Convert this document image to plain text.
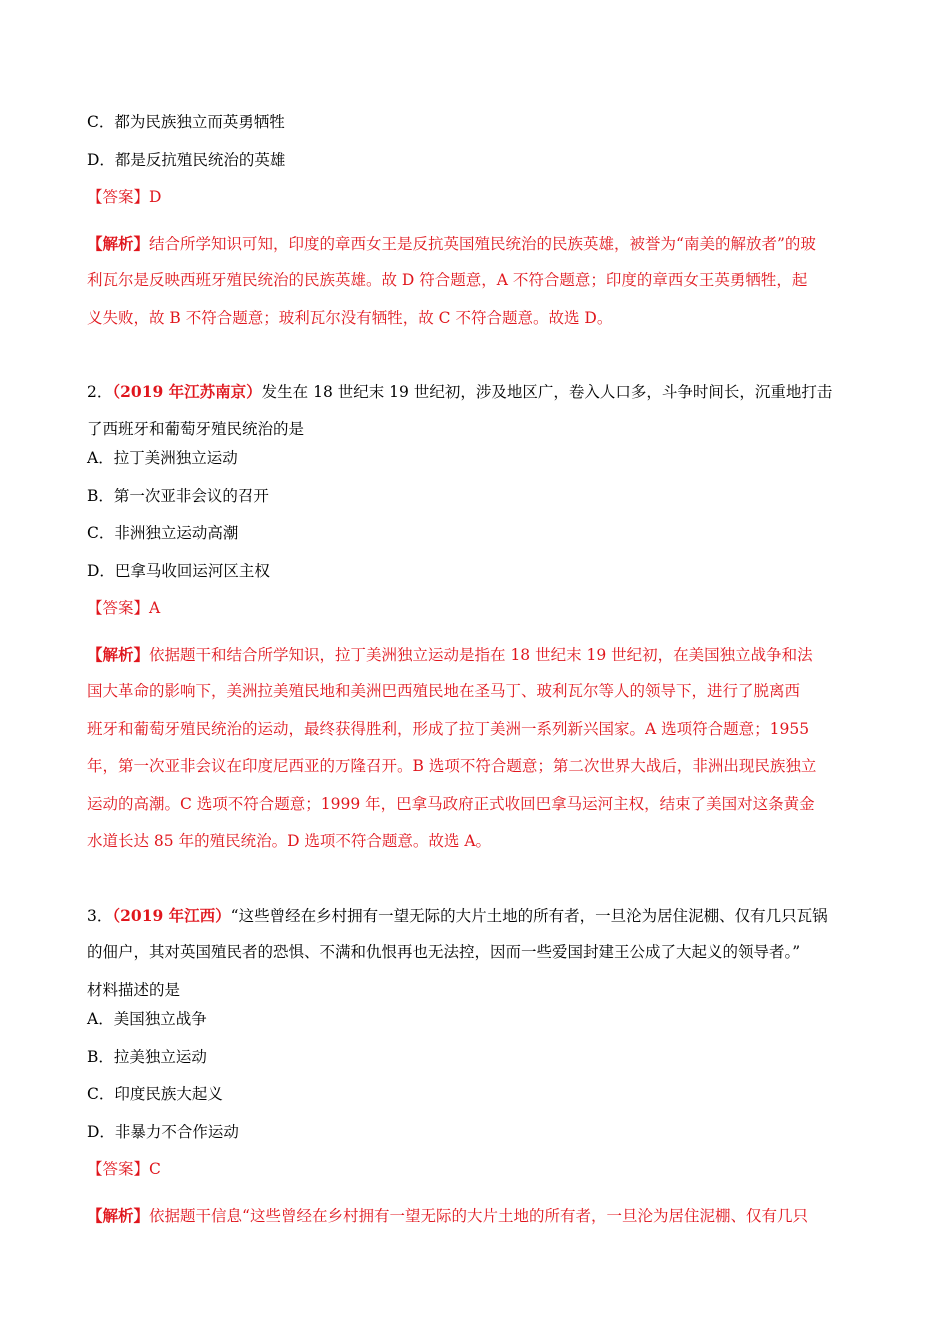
C．都为民族独立而英勇牺牲

D．都是反抗殖民统治的英雄

【答案】D

【解析】结合所学知识可知，印度的章西女王是反抗英国殖民统治的民族英雄，被誉为“南美的解放者”的玻
利瓦尔是反映西班牙殖民统治的民族英雄。故 D 符合题意，A 不符合题意；印度的章西女王英勇牺牲，起
义失败，故 B 不符合题意；玻利瓦尔没有牺牲，故 C 不符合题意。故选 D。
2．（2019 年江苏南京）发生在 18 世纪末 19 世纪初，涉及地区广，卷入人口多，斗争时间长，沉重地打击
了西班牙和葡萄牙殖民统治的是

A．拉丁美洲独立运动

B．第一次亚非会议的召开

C．非洲独立运动高潮

D．巴拿马收回运河区主权

【答案】A

【解析】依据题干和结合所学知识，拉丁美洲独立运动是指在 18 世纪末 19 世纪初，在美国独立战争和法
国大革命的影响下，美洲拉美殖民地和美洲巴西殖民地在圣马丁、玻利瓦尔等人的领导下，进行了脱离西
班牙和葡萄牙殖民统治的运动，最终获得胜利，形成了拉丁美洲一系列新兴国家。A 选项符合题意；1955
年，第一次亚非会议在印度尼西亚的万隆召开。B 选项不符合题意；第二次世界大战后，非洲出现民族独立
运动的高潮。C 选项不符合题意；1999 年，巴拿马政府正式收回巴拿马运河主权，结束了美国对这条黄金
水道长达 85 年的殖民统治。D 选项不符合题意。故选 A。
3．（2019 年江西）“这些曾经在乡村拥有一望无际的大片土地的所有者，一旦沦为居住泥棚、仅有几只瓦锅
的佃户，其对英国殖民者的恐惧、不满和仇恨再也无法控，因而一些爱国封建王公成了大起义的领导者。”
材料描述的是

A．美国独立战争

B．拉美独立运动

C．印度民族大起义

D．非暴力不合作运动

【答案】C

【解析】依据题干信息“这些曾经在乡村拥有一望无际的大片土地的所有者，一旦沦为居住泥棚、仅有几只
